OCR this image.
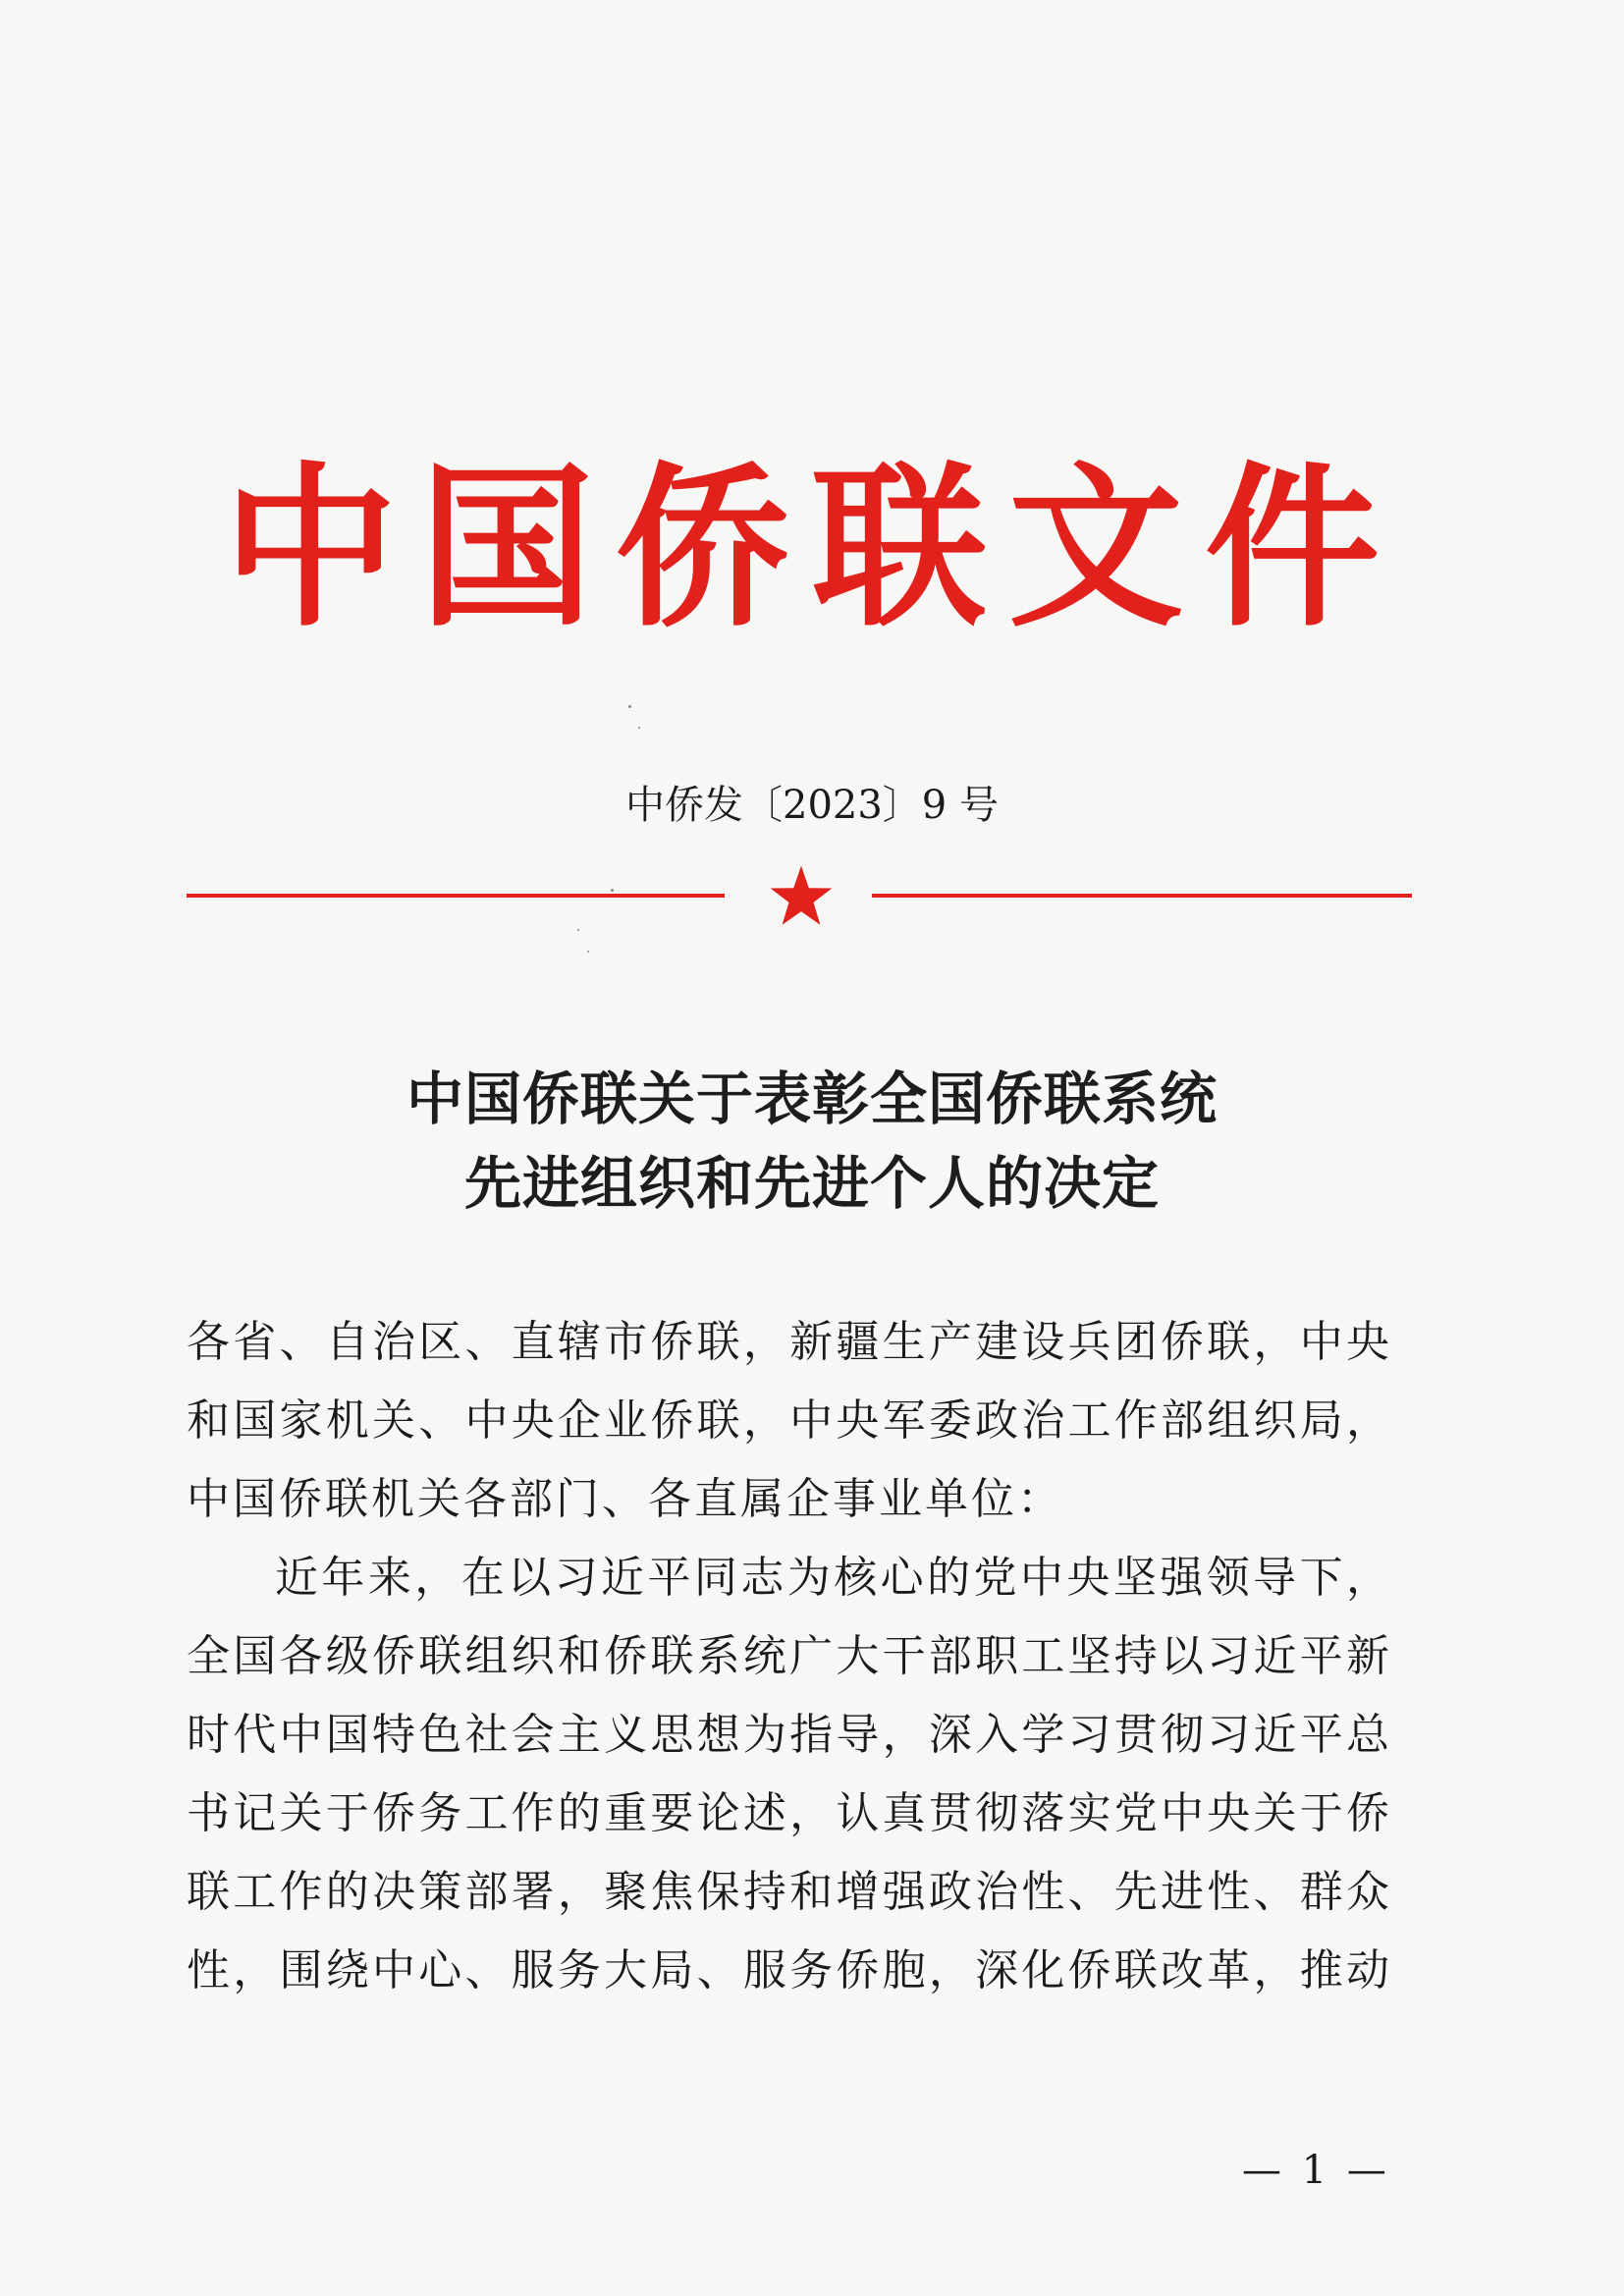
中国侨联文件
中侨发〔2023〕9 号
中国侨联关于表彰全国侨联系统
先进组织和先进个人的决定
各省、自治区、直辖市侨联，新疆生产建设兵团侨联，中央
和国家机关、中央企业侨联，中央军委政治工作部组织局，
中国侨联机关各部门、各直属企事业单位：
近年来，在以习近平同志为核心的党中央坚强领导下，
全国各级侨联组织和侨联系统广大干部职工坚持以习近平新
时代中国特色社会主义思想为指导，深入学习贯彻习近平总
书记关于侨务工作的重要论述，认真贯彻落实党中央关于侨
联工作的决策部署，聚焦保持和增强政治性、先进性、群众
性，围绕中心、服务大局、服务侨胞，深化侨联改革，推动
— 1 —
